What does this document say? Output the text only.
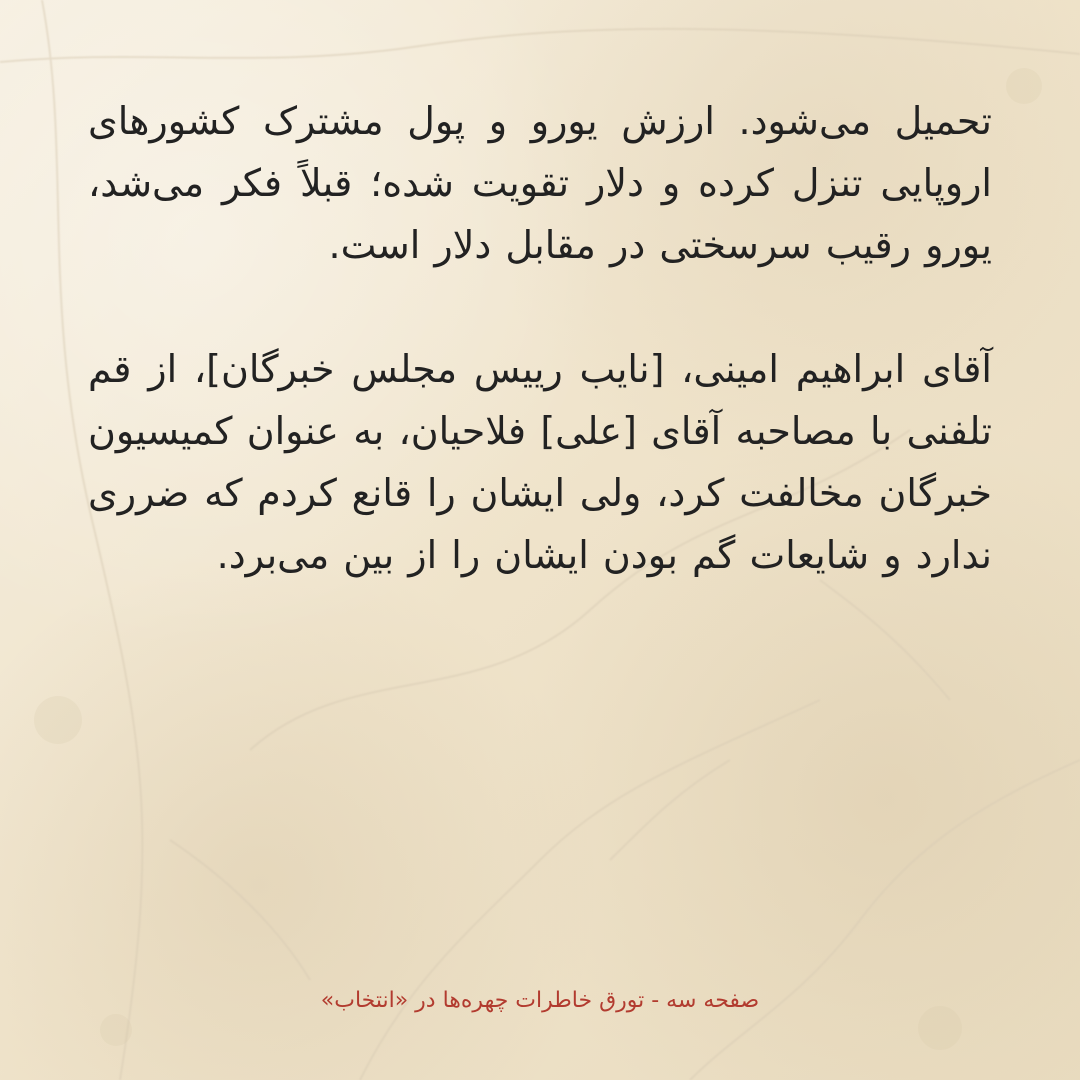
تحمیل می‌شود. ارزش یورو و پول مشترک کشورهای اروپایی تنزل کرده و دلار تقویت شده؛ قبلاً فکر می‌شد، یورو رقیب سرسختی در مقابل دلار است.

آقای ابراهیم امینی، [نایب رییس مجلس خبرگان]، از قم تلفنی با مصاحبه آقای [علی] فلاحیان، به عنوان کمیسیون خبرگان مخالفت کرد، ولی ایشان را قانع کردم که ضرری ندارد و شایعات گم بودن ایشان را از بین می‌برد.

صفحه سه - تورق خاطرات چهره‌ها در «انتخاب»
